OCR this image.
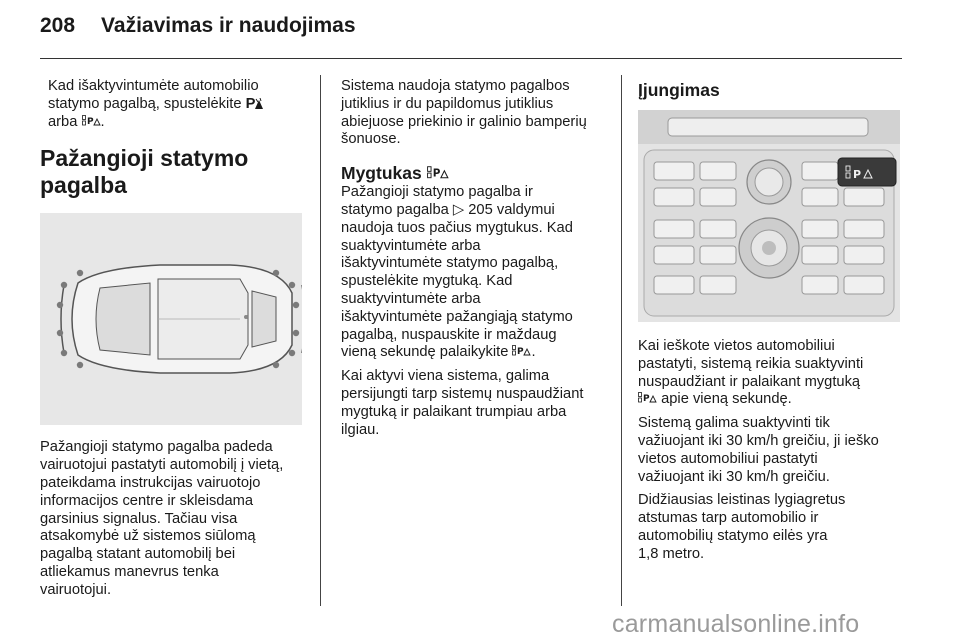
208 Važiavimas ir naudojimas
Kad išaktyvintumėte automobilio
statymo pagalbą, spustelėkite P
arba P .
Pažangioji statymo
pagalba
Pažangioji statymo pagalba padeda
vairuotojui pastatyti automobilį į vietą,
pateikdama instrukcijas vairuotojo
informacijos centre ir skleisdama
garsinius signalus. Tačiau visa
atsakomybė už sistemos siūlomą
pagalbą statant automobilį bei
atliekamus manevrus tenka
vairuotojui.
Sistema naudoja statymo pagalbos
jutiklius ir du papildomus jutiklius
abiejuose priekinio ir galinio bamperių
šonuose.
Mygtukas P
Pažangioji statymo pagalba ir
statymo pagalba ▷ 205 valdymui
naudoja tuos pačius mygtukus. Kad
suaktyvintumėte arba
išaktyvintumėte statymo pagalbą,
spustelėkite mygtuką. Kad
suaktyvintumėte arba
išaktyvintumėte pažangiąją statymo
pagalbą, nuspauskite ir maždaug
vieną sekundę palaikykite P .
Kai aktyvi viena sistema, galima
persijungti tarp sistemų nuspaudžiant
mygtuką ir palaikant trumpiau arba
ilgiau.
Įjungimas
P
Kai ieškote vietos automobiliui
pastatyti, sistemą reikia suaktyvinti
nuspaudžiant ir palaikant mygtuką
P apie vieną sekundę.
Sistemą galima suaktyvinti tik
važiuojant iki 30 km/h greičiu, ji ieško
vietos automobiliui pastatyti
važiuojant iki 30 km/h greičiu.
Didžiausias leistinas lygiagretus
atstumas tarp automobilio ir
automobilių statymo eilės yra
1,8 metro.
carmanualsonline.info
